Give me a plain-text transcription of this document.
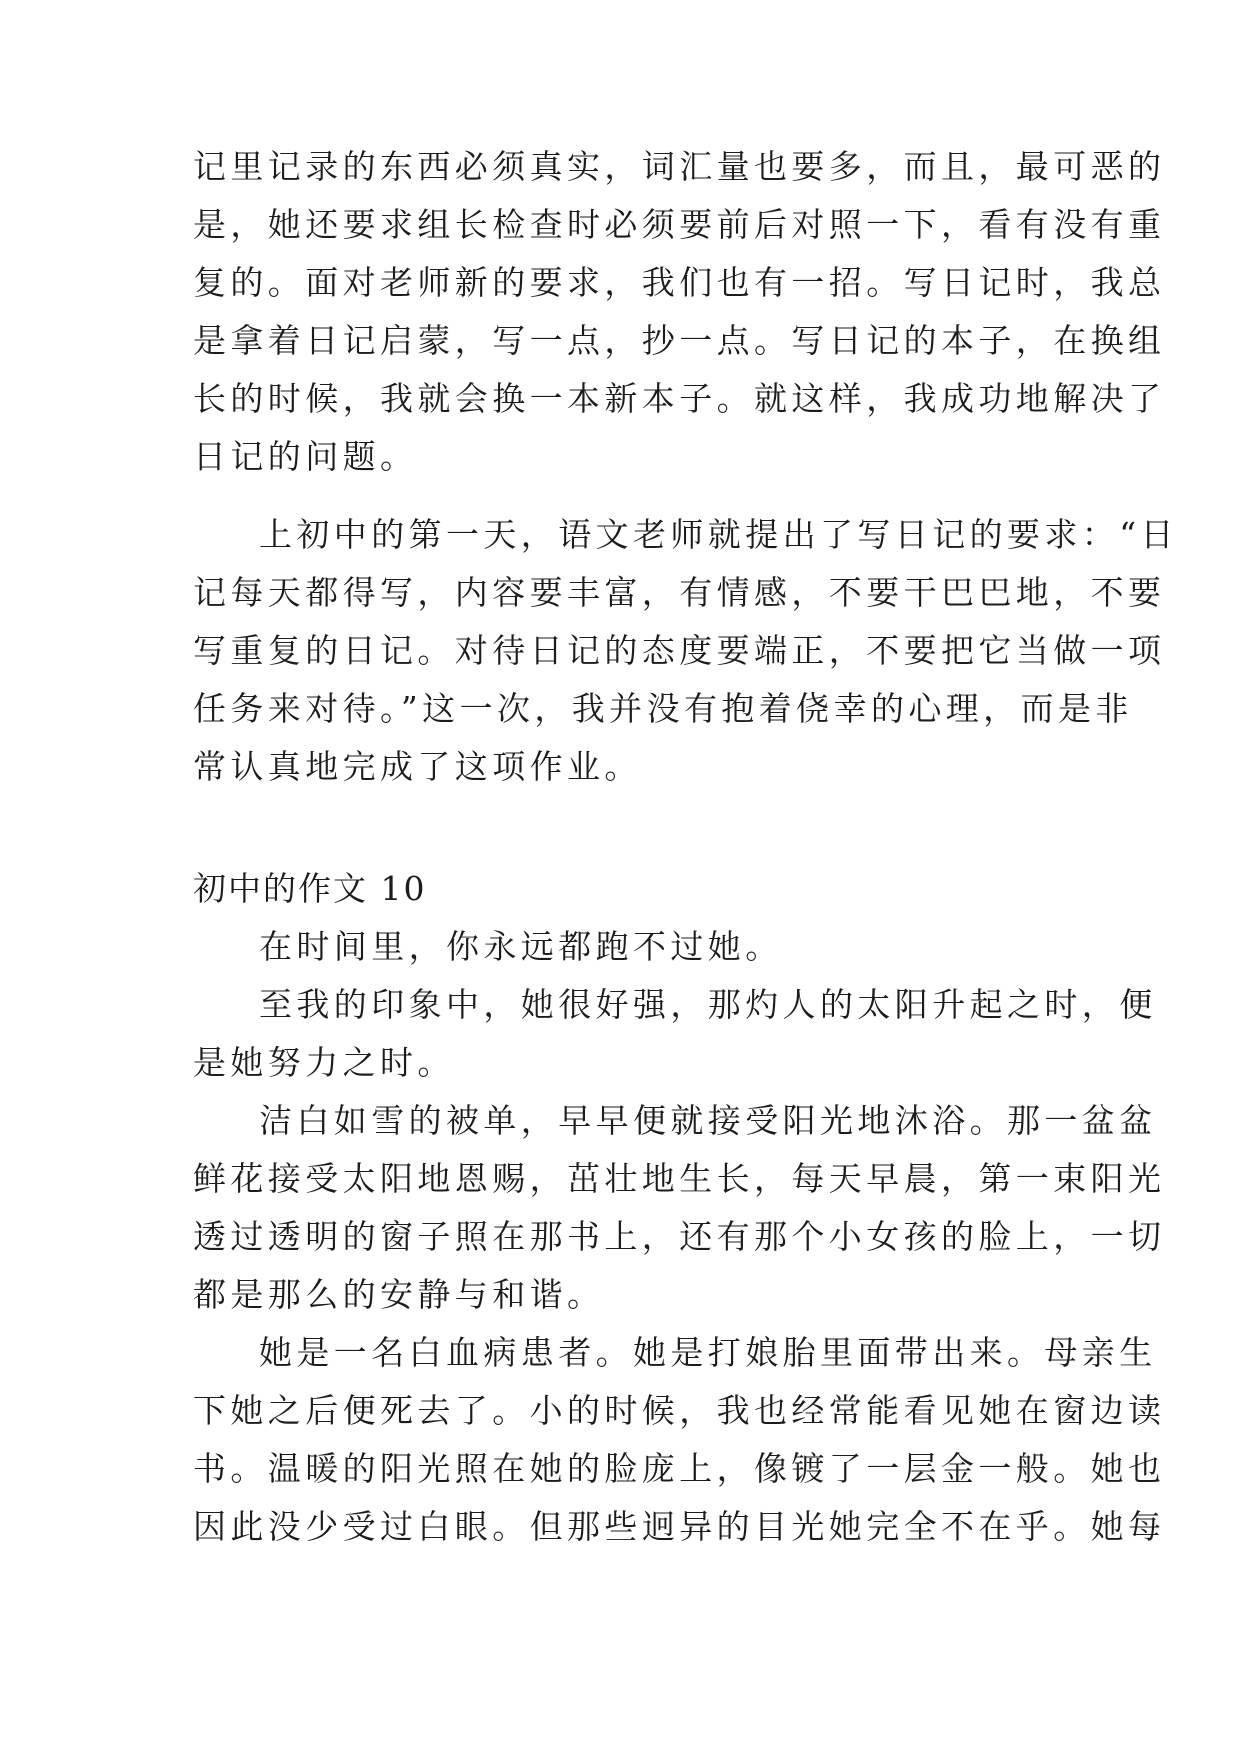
记里记录的东西必须真实，词汇量也要多，而且，最可恶的
是，她还要求组长检查时必须要前后对照一下，看有没有重
复的。面对老师新的要求，我们也有一招。写日记时，我总
是拿着日记启蒙，写一点，抄一点。写日记的本子，在换组
长的时候，我就会换一本新本子。就这样，我成功地解决了
日记的问题。
上初中的第一天，语文老师就提出了写日记的要求：“日
记每天都得写，内容要丰富，有情感，不要干巴巴地，不要
写重复的日记。对待日记的态度要端正，不要把它当做一项
任务来对待。”这一次，我并没有抱着侥幸的心理，而是非
常认真地完成了这项作业。
初中的作文 10
在时间里，你永远都跑不过她。
至我的印象中，她很好强，那灼人的太阳升起之时，便
是她努力之时。
洁白如雪的被单，早早便就接受阳光地沐浴。那一盆盆
鲜花接受太阳地恩赐，茁壮地生长，每天早晨，第一束阳光
透过透明的窗子照在那书上，还有那个小女孩的脸上，一切
都是那么的安静与和谐。
她是一名白血病患者。她是打娘胎里面带出来。母亲生
下她之后便死去了。小的时候，我也经常能看见她在窗边读
书。温暖的阳光照在她的脸庞上，像镀了一层金一般。她也
因此没少受过白眼。但那些迥异的目光她完全不在乎。她每
